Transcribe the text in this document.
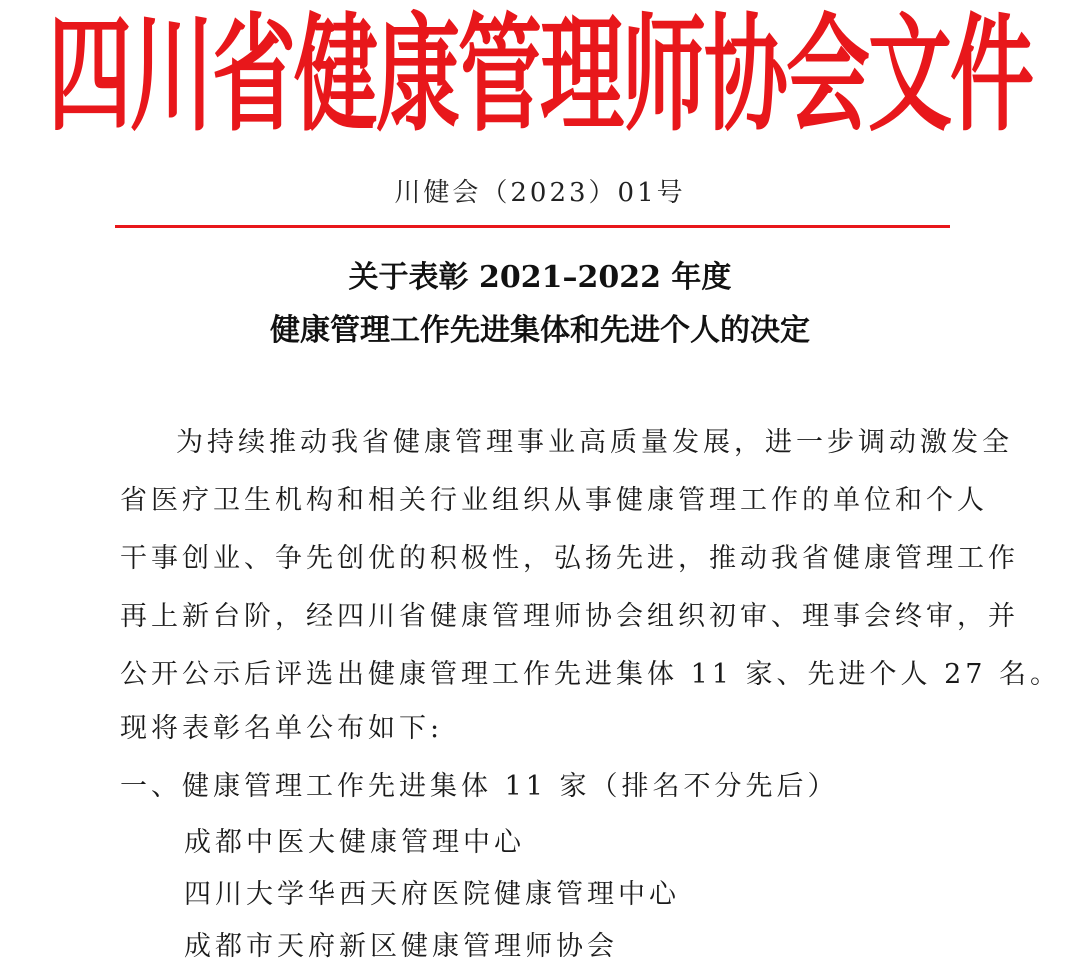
四川省健康管理师协会文件
川健会（2023）01号
关于表彰 2021–2022 年度
健康管理工作先进集体和先进个人的决定
为持续推动我省健康管理事业高质量发展，进一步调动激发全
省医疗卫生机构和相关行业组织从事健康管理工作的单位和个人
干事创业、争先创优的积极性，弘扬先进，推动我省健康管理工作
再上新台阶，经四川省健康管理师协会组织初审、理事会终审，并
公开公示后评选出健康管理工作先进集体 11 家、先进个人 27 名。
现将表彰名单公布如下:
一、健康管理工作先进集体 11 家（排名不分先后）
成都中医大健康管理中心
四川大学华西天府医院健康管理中心
成都市天府新区健康管理师协会
